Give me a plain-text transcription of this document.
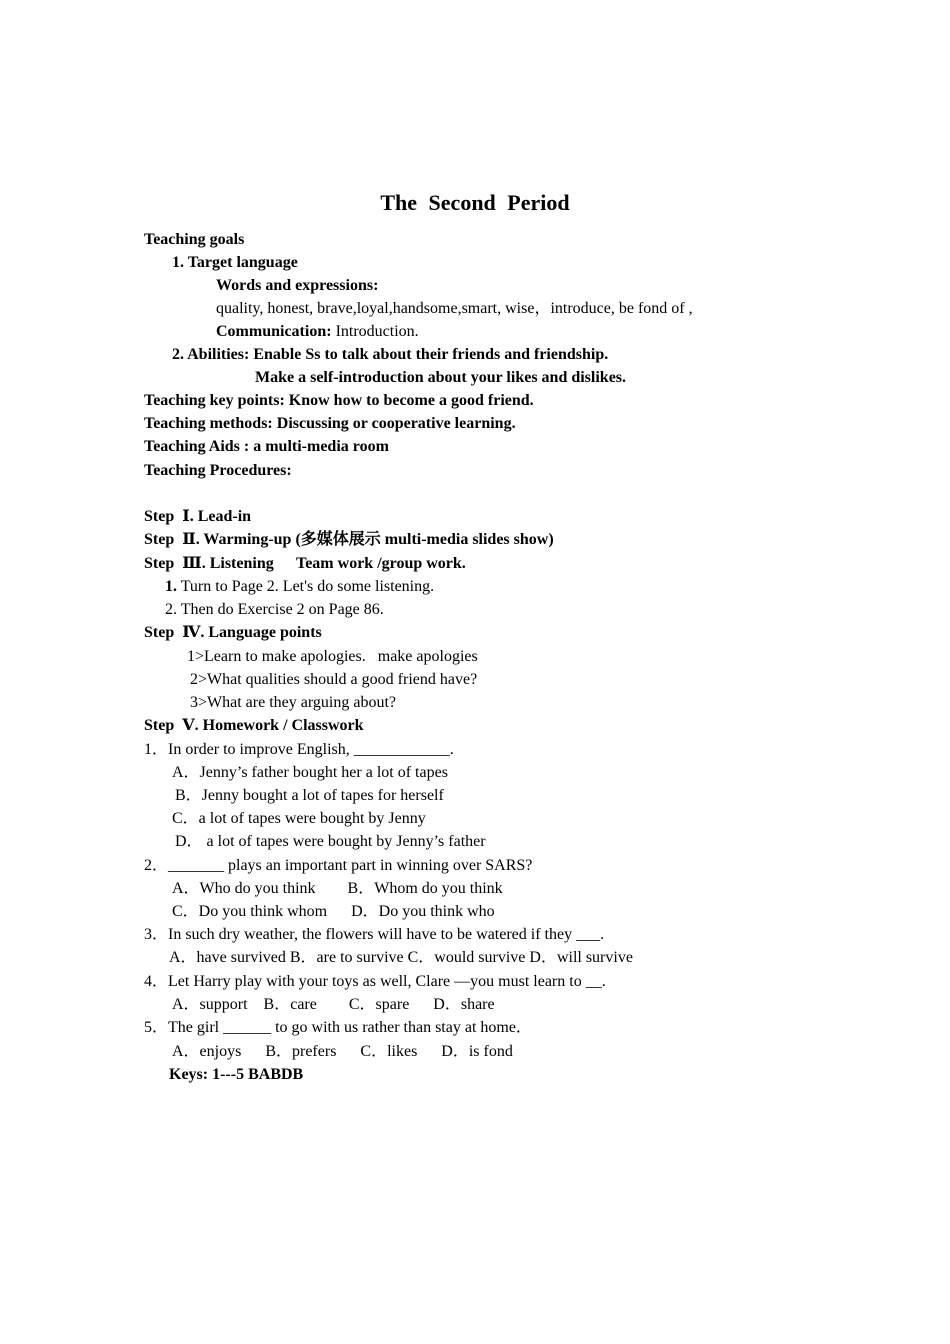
The Second Period
Teaching goals
1. Target language
Words and expressions:
quality, honest, brave,loyal,handsome,smart, wise，introduce, be fond of ,
Communication: Introduction.
2. Abilities: Enable Ss to talk about their friends and friendship.
Make a self-introduction about your likes and dislikes.
Teaching key points: Know how to become a good friend.
Teaching methods: Discussing or cooperative learning.
Teaching Aids : a multi-media room
Teaching Procedures:
Step  Ⅰ. Lead-in
Step  Ⅱ. Warming-up (多媒体展示 multi-media slides show)
Step  Ⅲ. Listening Team work /group work.
1. Turn to Page 2. Let's do some listening.
2. Then do Exercise 2 on Page 86.
Step  Ⅳ. Language points
1>Learn to make apologies.   make apologies
2>What qualities should a good friend have?
3>What are they arguing about?
Step  Ⅴ. Homework / Classwork
1．In order to improve English, ____________.
A．Jenny’s father bought her a lot of tapes
B．Jenny bought a lot of tapes for herself
C．a lot of tapes were bought by Jenny
D． a lot of tapes were bought by Jenny’s father
2．_______ plays an important part in winning over SARS?
A．Who do you think        B．Whom do you think
C．Do you think whom      D．Do you think who
3．In such dry weather, the flowers will have to be watered if they ___.
A．have survived B．are to survive C．would survive D．will survive
4．Let Harry play with your toys as well, Clare —you must learn to __.
A．support    B．care        C．spare      D．share
5．The girl ______ to go with us rather than stay at home．
A．enjoys      B．prefers      C．likes      D．is fond
Keys: 1---5 BABDB
